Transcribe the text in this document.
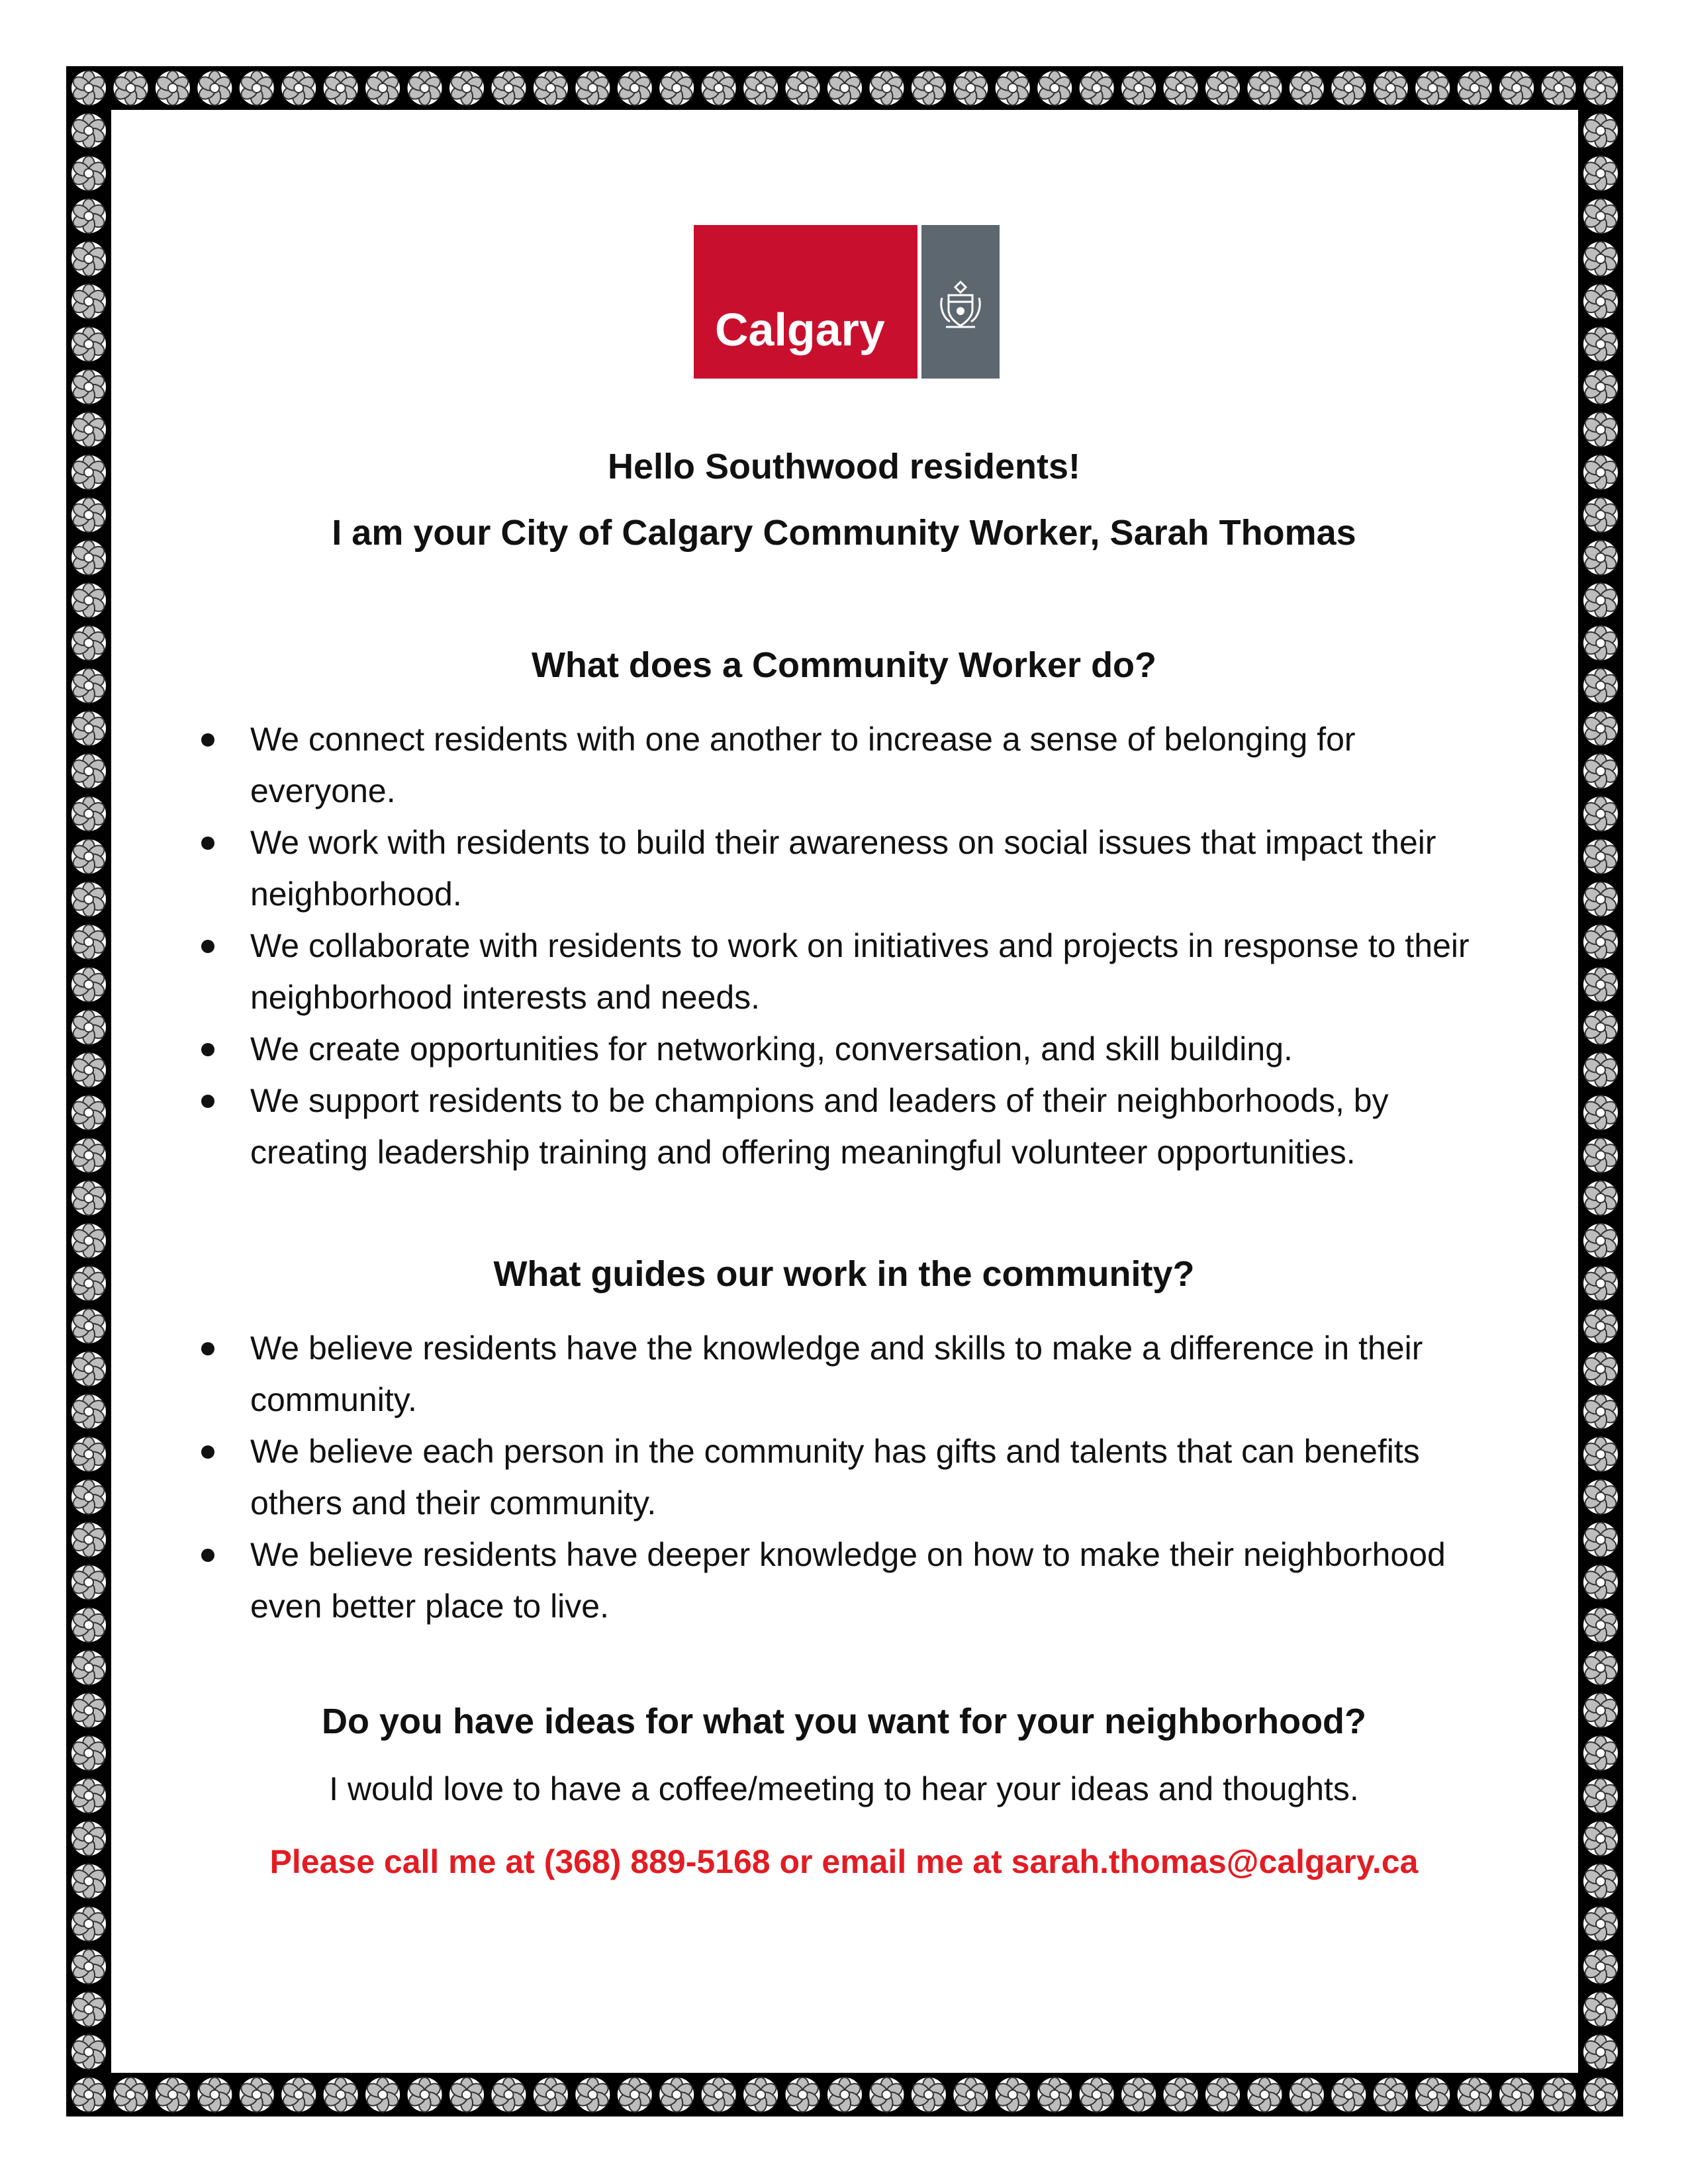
Calgary

Hello Southwood residents!

I am your City of Calgary Community Worker, Sarah Thomas

What does a Community Worker do?

We connect residents with one another to increase a sense of belonging for everyone.
We work with residents to build their awareness on social issues that impact their neighborhood.
We collaborate with residents to work on initiatives and projects in response to their neighborhood interests and needs.
We create opportunities for networking, conversation, and skill building.
We support residents to be champions and leaders of their neighborhoods, by creating leadership training and offering meaningful volunteer opportunities.

What guides our work in the community?

We believe residents have the knowledge and skills to make a difference in their community.
We believe each person in the community has gifts and talents that can benefits others and their community.
We believe residents have deeper knowledge on how to make their neighborhood even better place to live.

Do you have ideas for what you want for your neighborhood?

I would love to have a coffee/meeting to hear your ideas and thoughts.

Please call me at (368) 889-5168 or email me at sarah.thomas@calgary.ca
